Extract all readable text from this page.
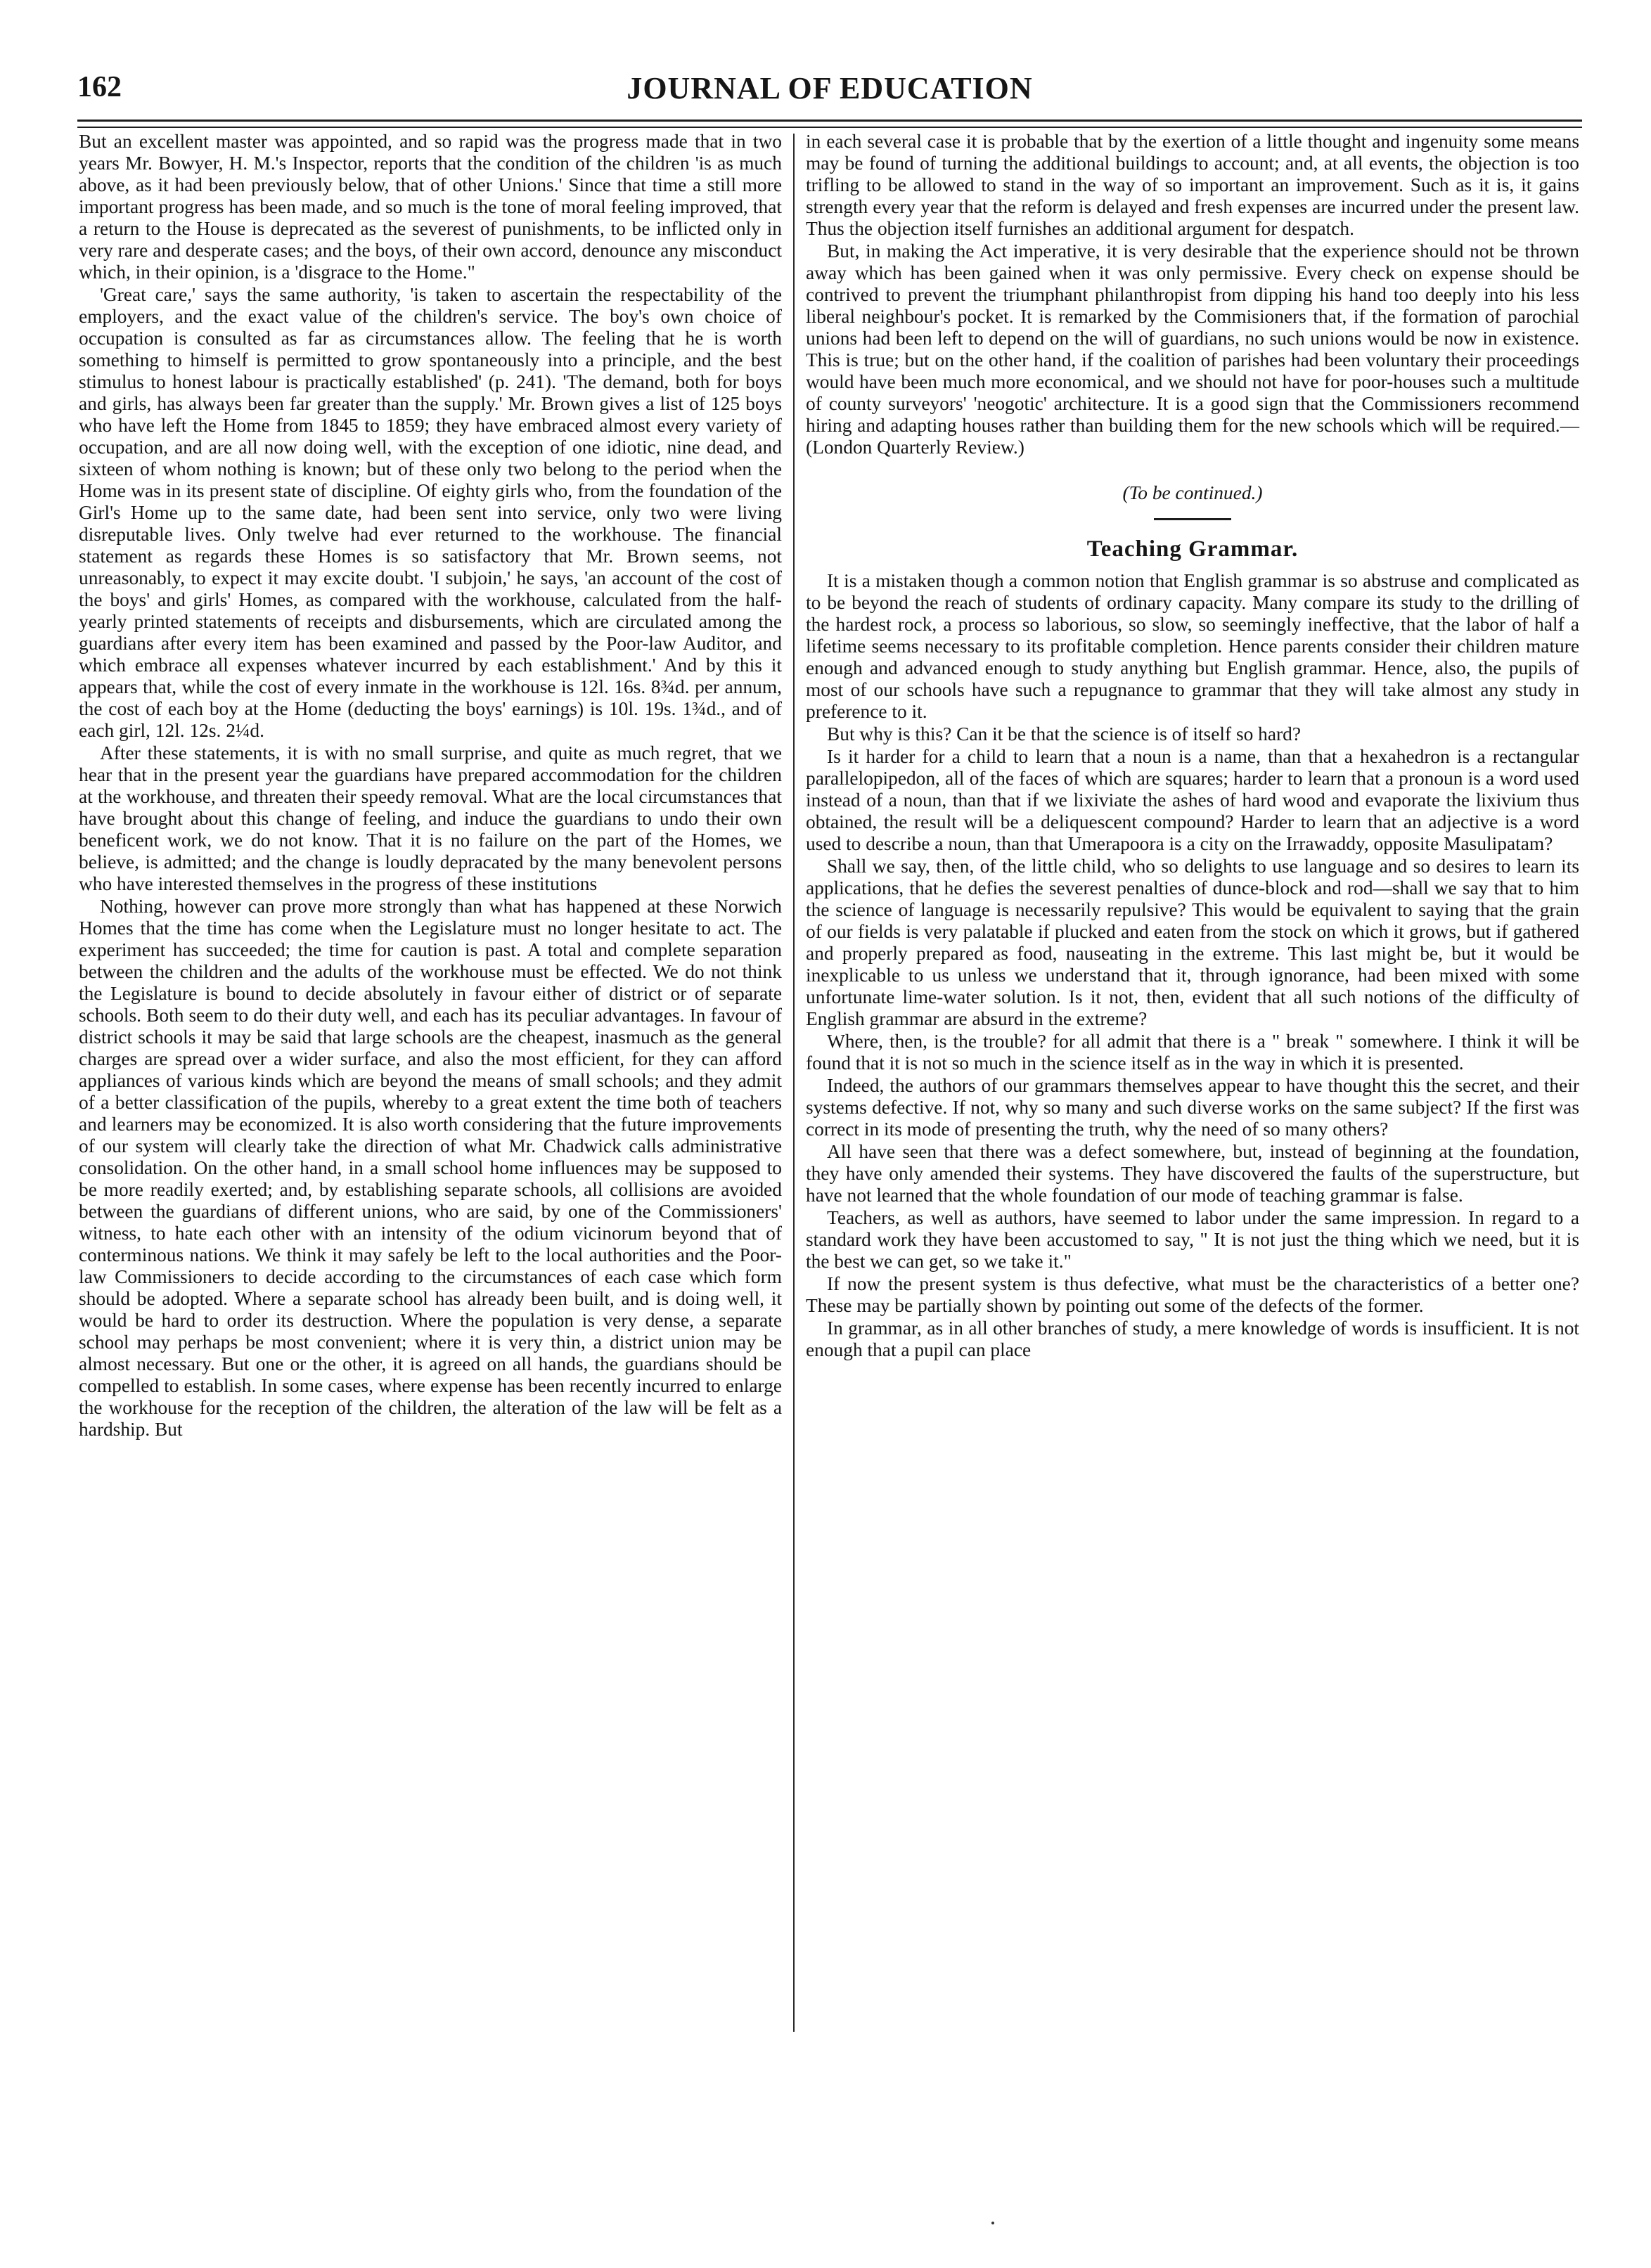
162	JOURNAL OF EDUCATION

But an excellent master was appointed, and so rapid was the progress made that in two years Mr. Bowyer, H. M.'s Inspector, reports that the condition of the children 'is as much above, as it had been previously below, that of other Unions.' Since that time a still more important progress has been made, and so much is the tone of moral feeling improved, that a return to the House is deprecated as the severest of punishments, to be inflicted only in very rare and desperate cases; and the boys, of their own accord, denounce any misconduct which, in their opinion, is a 'disgrace to the Home."

'Great care,' says the same authority, 'is taken to ascertain the respectability of the employers, and the exact value of the children's service. The boy's own choice of occupation is consulted as far as circumstances allow. The feeling that he is worth something to himself is permitted to grow spontaneously into a principle, and the best stimulus to honest labour is practically established' (p. 241). 'The demand, both for boys and girls, has always been far greater than the supply.' Mr. Brown gives a list of 125 boys who have left the Home from 1845 to 1859; they have embraced almost every variety of occupation, and are all now doing well, with the exception of one idiotic, nine dead, and sixteen of whom nothing is known; but of these only two belong to the period when the Home was in its present state of discipline. Of eighty girls who, from the foundation of the Girl's Home up to the same date, had been sent into service, only two were living disreputable lives. Only twelve had ever returned to the workhouse. The financial statement as regards these Homes is so satisfactory that Mr. Brown seems, not unreasonably, to expect it may excite doubt. 'I subjoin,' he says, 'an account of the cost of the boys' and girls' Homes, as compared with the workhouse, calculated from the half-yearly printed statements of receipts and disbursements, which are circulated among the guardians after every item has been examined and passed by the Poor-law Auditor, and which embrace all expenses whatever incurred by each establishment.' And by this it appears that, while the cost of every inmate in the workhouse is 12l. 16s. 8¾d. per annum, the cost of each boy at the Home (deducting the boys' earnings) is 10l. 19s. 1¾d., and of each girl, 12l. 12s. 2¼d.

After these statements, it is with no small surprise, and quite as much regret, that we hear that in the present year the guardians have prepared accommodation for the children at the workhouse, and threaten their speedy removal. What are the local circumstances that have brought about this change of feeling, and induce the guardians to undo their own beneficent work, we do not know. That it is no failure on the part of the Homes, we believe, is admitted; and the change is loudly depracated by the many benevolent persons who have interested themselves in the progress of these institutions

Nothing, however can prove more strongly than what has happened at these Norwich Homes that the time has come when the Legislature must no longer hesitate to act. The experiment has succeeded; the time for caution is past. A total and complete separation between the children and the adults of the workhouse must be effected. We do not think the Legislature is bound to decide absolutely in favour either of district or of separate schools. Both seem to do their duty well, and each has its peculiar advantages. In favour of district schools it may be said that large schools are the cheapest, inasmuch as the general charges are spread over a wider surface, and also the most efficient, for they can afford appliances of various kinds which are beyond the means of small schools; and they admit of a better classification of the pupils, whereby to a great extent the time both of teachers and learners may be economized. It is also worth considering that the future improvements of our system will clearly take the direction of what Mr. Chadwick calls administrative consolidation. On the other hand, in a small school home influences may be supposed to be more readily exerted; and, by establishing separate schools, all collisions are avoided between the guardians of different unions, who are said, by one of the Commissioners' witness, to hate each other with an intensity of the odium vicinorum beyond that of conterminous nations. We think it may safely be left to the local authorities and the Poor-law Commissioners to decide according to the circumstances of each case which form should be adopted. Where a separate school has already been built, and is doing well, it would be hard to order its destruction. Where the population is very dense, a separate school may perhaps be most convenient; where it is very thin, a district union may be almost necessary. But one or the other, it is agreed on all hands, the guardians should be compelled to establish. In some cases, where expense has been recently incurred to enlarge the workhouse for the reception of the children, the alteration of the law will be felt as a hardship. But

in each several case it is probable that by the exertion of a little thought and ingenuity some means may be found of turning the additional buildings to account; and, at all events, the objection is too trifling to be allowed to stand in the way of so important an improvement. Such as it is, it gains strength every year that the reform is delayed and fresh expenses are incurred under the present law. Thus the objection itself furnishes an additional argument for despatch.

But, in making the Act imperative, it is very desirable that the experience should not be thrown away which has been gained when it was only permissive. Every check on expense should be contrived to prevent the triumphant philanthropist from dipping his hand too deeply into his less liberal neighbour's pocket. It is remarked by the Commisioners that, if the formation of parochial unions had been left to depend on the will of guardians, no such unions would be now in existence. This is true; but on the other hand, if the coalition of parishes had been voluntary their proceedings would have been much more economical, and we should not have for poor-houses such a multitude of county surveyors' 'neogotic' architecture. It is a good sign that the Commissioners recommend hiring and adapting houses rather than building them for the new schools which will be required.—(London Quarterly Review.)

(To be continued.)

Teaching Grammar.

It is a mistaken though a common notion that English grammar is so abstruse and complicated as to be beyond the reach of students of ordinary capacity. Many compare its study to the drilling of the hardest rock, a process so laborious, so slow, so seemingly ineffective, that the labor of half a lifetime seems necessary to its profitable completion. Hence parents consider their children mature enough and advanced enough to study anything but English grammar. Hence, also, the pupils of most of our schools have such a repugnance to grammar that they will take almost any study in preference to it.

But why is this? Can it be that the science is of itself so hard?

Is it harder for a child to learn that a noun is a name, than that a hexahedron is a rectangular parallelopipedon, all of the faces of which are squares; harder to learn that a pronoun is a word used instead of a noun, than that if we lixiviate the ashes of hard wood and evaporate the lixivium thus obtained, the result will be a deliquescent compound? Harder to learn that an adjective is a word used to describe a noun, than that Umerapoora is a city on the Irrawaddy, opposite Masulipatam?

Shall we say, then, of the little child, who so delights to use language and so desires to learn its applications, that he defies the severest penalties of dunce-block and rod—shall we say that to him the science of language is necessarily repulsive? This would be equivalent to saying that the grain of our fields is very palatable if plucked and eaten from the stock on which it grows, but if gathered and properly prepared as food, nauseating in the extreme. This last might be, but it would be inexplicable to us unless we understand that it, through ignorance, had been mixed with some unfortunate lime-water solution. Is it not, then, evident that all such notions of the difficulty of English grammar are absurd in the extreme?

Where, then, is the trouble? for all admit that there is a " break " somewhere. I think it will be found that it is not so much in the science itself as in the way in which it is presented.

Indeed, the authors of our grammars themselves appear to have thought this the secret, and their systems defective. If not, why so many and such diverse works on the same subject? If the first was correct in its mode of presenting the truth, why the need of so many others?

All have seen that there was a defect somewhere, but, instead of beginning at the foundation, they have only amended their systems. They have discovered the faults of the superstructure, but have not learned that the whole foundation of our mode of teaching grammar is false.

Teachers, as well as authors, have seemed to labor under the same impression. In regard to a standard work they have been accustomed to say, " It is not just the thing which we need, but it is the best we can get, so we take it."

If now the present system is thus defective, what must be the characteristics of a better one? These may be partially shown by pointing out some of the defects of the former.

In grammar, as in all other branches of study, a mere knowledge of words is insufficient. It is not enough that a pupil can place
